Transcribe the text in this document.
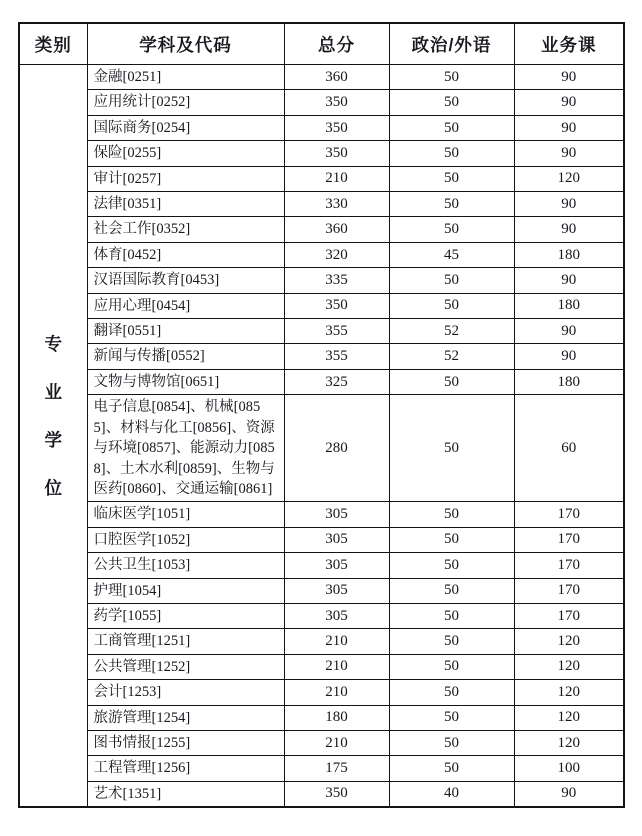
类别	学科及代码	总分	政治/外语	业务课

专
业
学
位	金融[0251]	360	50	90
	应用统计[0252]	350	50	90
	国际商务[0254]	350	50	90
	保险[0255]	350	50	90
	审计[0257]	210	50	120
	法律[0351]	330	50	90
	社会工作[0352]	360	50	90
	体育[0452]	320	45	180
	汉语国际教育[0453]	335	50	90
	应用心理[0454]	350	50	180
	翻译[0551]	355	52	90
	新闻与传播[0552]	355	52	90
	文物与博物馆[0651]	325	50	180
	电子信息[0854]、机械[0855]、材料与化工[0856]、资源与环境[0857]、能源动力[0858]、土木水利[0859]、生物与医药[0860]、交通运输[0861]	280	50	60
	临床医学[1051]	305	50	170
	口腔医学[1052]	305	50	170
	公共卫生[1053]	305	50	170
	护理[1054]	305	50	170
	药学[1055]	305	50	170
	工商管理[1251]	210	50	120
	公共管理[1252]	210	50	120
	会计[1253]	210	50	120
	旅游管理[1254]	180	50	120
	图书情报[1255]	210	50	120
	工程管理[1256]	175	50	100
	艺术[1351]	350	40	90
